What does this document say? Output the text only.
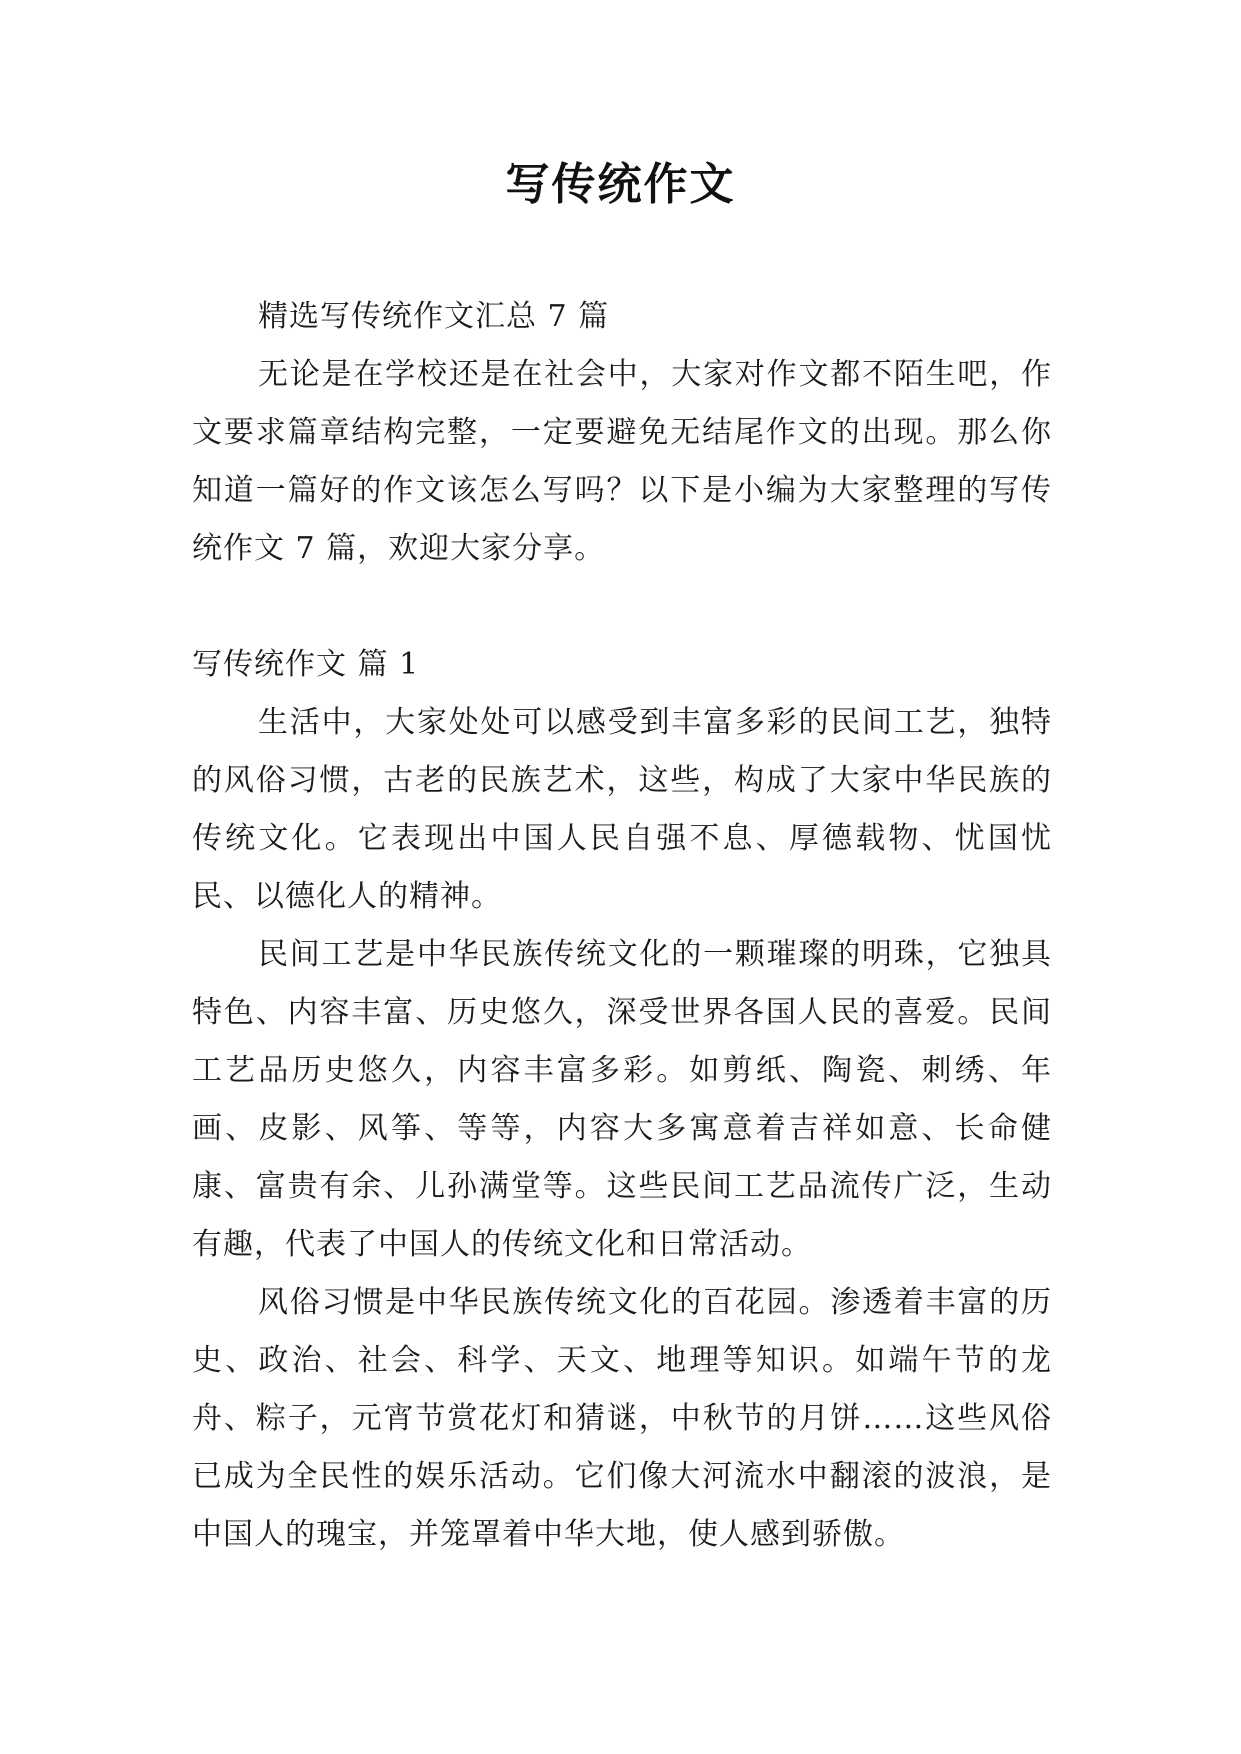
写传统作文

精选写传统作文汇总 7 篇

无论是在学校还是在社会中，大家对作文都不陌生吧，作文要求篇章结构完整，一定要避免无结尾作文的出现。那么你知道一篇好的作文该怎么写吗？以下是小编为大家整理的写传统作文 7 篇，欢迎大家分享。

写传统作文 篇 1

生活中，大家处处可以感受到丰富多彩的民间工艺，独特的风俗习惯，古老的民族艺术，这些，构成了大家中华民族的传统文化。它表现出中国人民自强不息、厚德载物、忧国忧民、以德化人的精神。

民间工艺是中华民族传统文化的一颗璀璨的明珠，它独具特色、内容丰富、历史悠久，深受世界各国人民的喜爱。民间工艺品历史悠久，内容丰富多彩。如剪纸、陶瓷、刺绣、年画、皮影、风筝、等等，内容大多寓意着吉祥如意、长命健康、富贵有余、儿孙满堂等。这些民间工艺品流传广泛，生动有趣，代表了中国人的传统文化和日常活动。

风俗习惯是中华民族传统文化的百花园。渗透着丰富的历史、政治、社会、科学、天文、地理等知识。如端午节的龙舟、粽子，元宵节赏花灯和猜谜，中秋节的月饼……这些风俗已成为全民性的娱乐活动。它们像大河流水中翻滚的波浪，是中国人的瑰宝，并笼罩着中华大地，使人感到骄傲。
